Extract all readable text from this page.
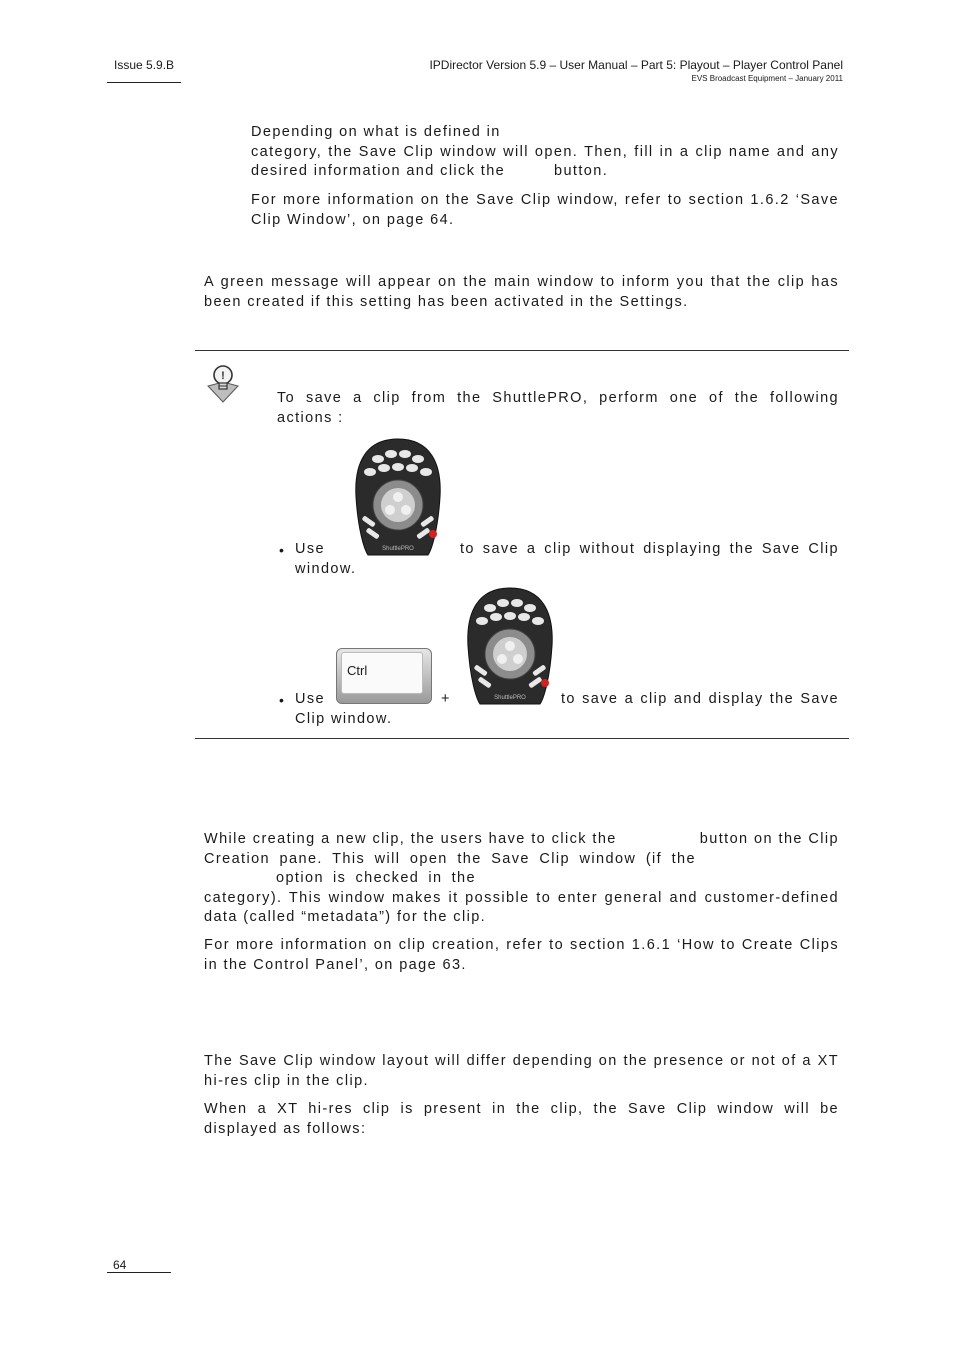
Issue 5.9.B	IPDirector Version 5.9 – User Manual – Part 5: Playout – Player Control Panel
EVS Broadcast Equipment – January 2011
Depending on what is defined in
category, the Save Clip window will open. Then, fill in a clip name and any
desired information and click the         button.
For more information on the Save Clip window, refer to section 1.6.2 ‘Save
Clip Window’, on page 64.
A green message will appear on the main window to inform you that the clip has
been created if this setting has been activated in the Settings.
!
To save a clip from the ShuttlePRO, perform one of the following
actions :
ShuttlePRO
• Use	to save a clip without displaying the Save Clip
window.
Ctrl
ShuttlePRO
• Use	+	to save a clip and display the Save
Clip window.
While creating a new clip, the users have to click the               button on the Clip
Creation pane. This will open the Save Clip window (if the
option is checked in the
category). This window makes it possible to enter general and customer-defined
data (called “metadata”) for the clip.
For more information on clip creation, refer to section 1.6.1 ‘How to Create Clips
in the Control Panel’, on page 63.
The Save Clip window layout will differ depending on the presence or not of a XT
hi-res clip in the clip.
When a XT hi-res clip is present in the clip, the Save Clip window will be
displayed as follows:
64
